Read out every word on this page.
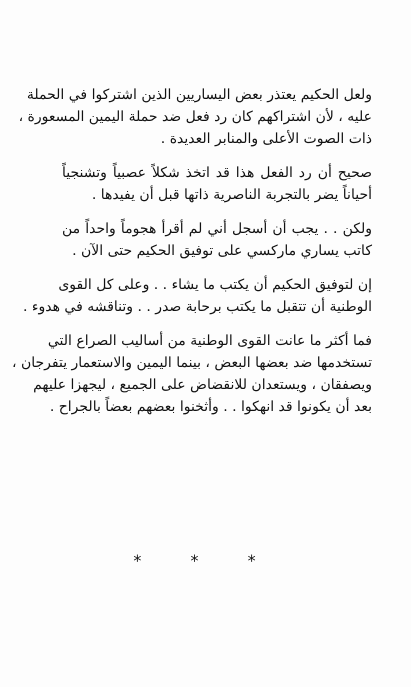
ولعل الحكيم يعتذر بعض اليساريين الذين اشتركوا في الحملة
عليه ، لأن اشتراكهم كان رد فعل ضد حملة اليمين المسعورة ،
ذات الصوت الأعلى والمنابر العديدة .

صحيح أن رد الفعل هذا قد اتخذ شكلاً عصبياً وتشنجياً
أحياناً يضر بالتجربة الناصرية ذاتها قبل أن يفيدها .

ولكن . . يجب أن أسجل أني لم أقرأ هجوماً واحداً من
كاتب يساري ماركسي على توفيق الحكيم حتى الآن .

إن لتوفيق الحكيم أن يكتب ما يشاء . . وعلى كل القوى
الوطنية أن تتقبل ما يكتب برحابة صدر . . وتناقشه في هدوء .

فما أكثر ما عانت القوى الوطنية من أساليب الصراع التي
تستخدمها ضد بعضها البعض ، بينما اليمين والاستعمار يتفرجان ،
ويصفقان ، ويستعدان للانقضاض على الجميع ، ليجهزا عليهم
بعد أن يكونوا قد انهكوا . . وأثخنوا بعضهم بعضاً بالجراح .

* * *
